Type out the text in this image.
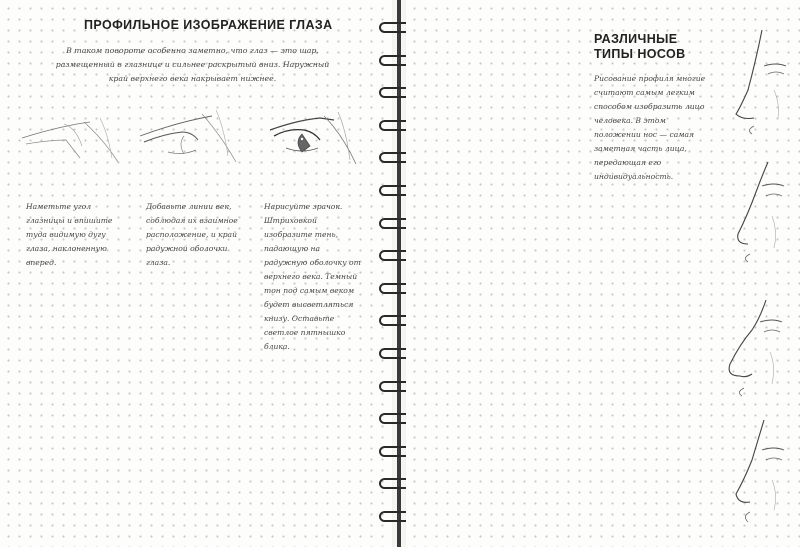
ПРОФИЛЬНОЕ ИЗОБРАЖЕНИЕ ГЛАЗА

В таком повороте особенно заметно, что глаз — это шар, размещенный в глазнице и сильнее раскрытый вниз. Наружный край верхнего века накрывает нижнее.

Наметьте угол глазницы и впишите туда видимую дугу глаза, наклоненную вперед.

Добавьте линии век, соблюдая их взаимное расположение, и край радужной оболочки глаза.

Нарисуйте зрачок. Штриховкой изобразите тень, падающую на радужную оболочку от верхнего века. Темный тон под самым веком будет высветляться книзу. Оставьте светлое пятнышко блика.

РАЗЛИЧНЫЕ ТИПЫ НОСОВ

Рисование профиля многие считают самым легким способом изобразить лицо человека. В этом положении нос — самая заметная часть лица, передающая его индивидуальность.
